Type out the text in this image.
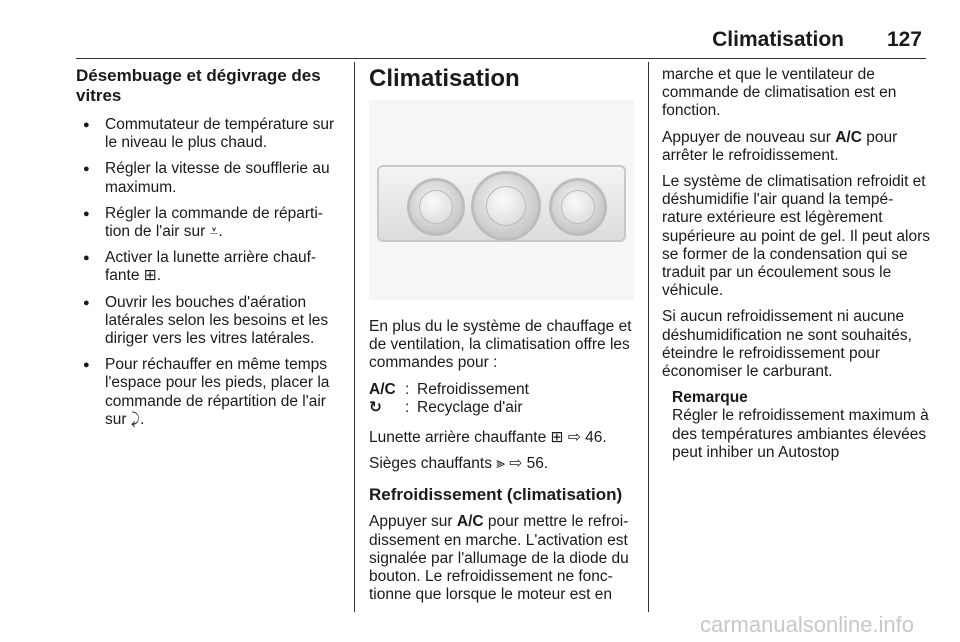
Climatisation 127
Désembuage et dégivrage des vitres
● Commutateur de température sur le niveau le plus chaud.
● Régler la vitesse de soufflerie au maximum.
● Régler la commande de réparti‐tion de l'air sur ⩡.
● Activer la lunette arrière chauf‐fante ⊞.
● Ouvrir les bouches d'aération latérales selon les besoins et les diriger vers les vitres latérales.
● Pour réchauffer en même temps l'espace pour les pieds, placer la commande de répartition de l'air sur ⤸.
Climatisation

En plus du le système de chauffage et de ventilation, la climatisation offre les commandes pour :

A/C : Refroidissement
↻	: Recyclage d'air

Lunette arrière chauffante ⊞ ⇨ 46.

Sièges chauffants ⫸ ⇨ 56.

Refroidissement (climatisation)

Appuyer sur A/C pour mettre le refroi‐dissement en marche. L'activation est signalée par l'allumage de la diode du bouton. Le refroidissement ne fonc‐tionne que lorsque le moteur est en

marche et que le ventilateur de commande de climatisation est en fonction.

Appuyer de nouveau sur A/C pour arrêter le refroidissement.

Le système de climatisation refroidit et déshumidifie l'air quand la tempé‐rature extérieure est légèrement supérieure au point de gel. Il peut alors se former de la condensation qui se traduit par un écoulement sous le véhicule.

Si aucun refroidissement ni aucune déshumidification ne sont souhaités, éteindre le refroidissement pour économiser le carburant.

Remarque
Régler le refroidissement maximum à des températures ambiantes élevées peut inhiber un Autostop
carmanualsonline.info
